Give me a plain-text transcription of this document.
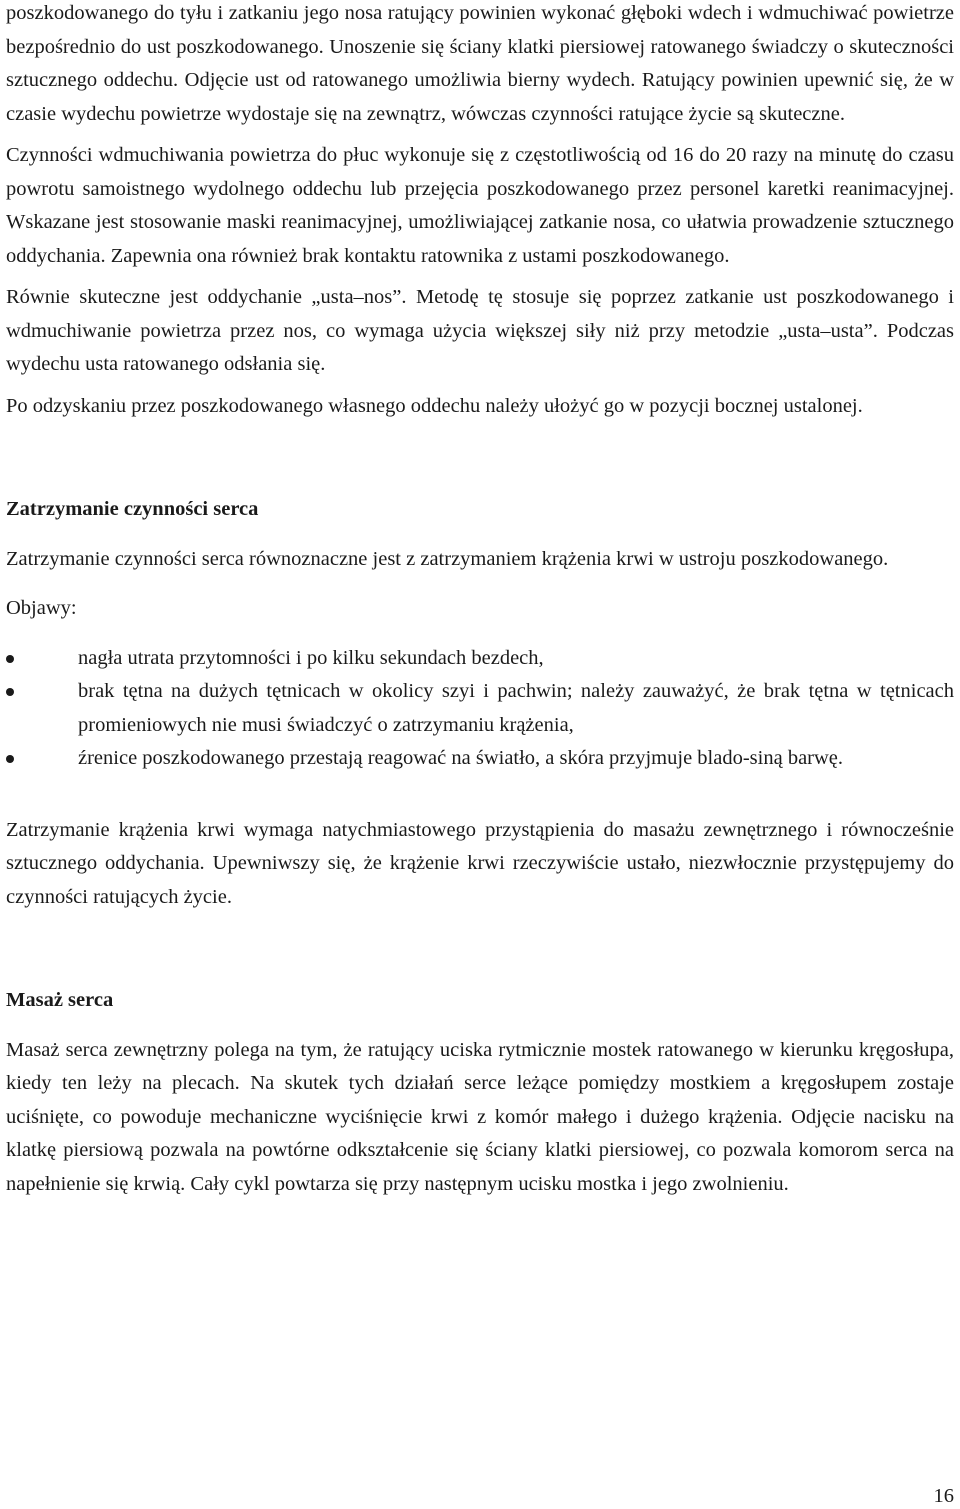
poszkodowanego do tyłu i zatkaniu jego nosa ratujący powinien wykonać głęboki wdech i wdmuchiwać powietrze bezpośrednio do ust poszkodowanego. Unoszenie się ściany klatki piersiowej ratowanego świadczy o skuteczności sztucznego oddechu. Odjęcie ust od ratowanego umożliwia bierny wydech. Ratujący powinien upewnić się, że w czasie wydechu powietrze wydostaje się na zewnątrz, wówczas czynności ratujące życie są skuteczne.

Czynności wdmuchiwania powietrza do płuc wykonuje się z częstotliwością od 16 do 20 razy na minutę do czasu powrotu samoistnego wydolnego oddechu lub przejęcia poszkodowanego przez personel karetki reanimacyjnej. Wskazane jest stosowanie maski reanimacyjnej, umożliwiającej zatkanie nosa, co ułatwia prowadzenie sztucznego oddychania. Zapewnia ona również brak kontaktu ratownika z ustami poszkodowanego.

Równie skuteczne jest oddychanie „usta–nos”. Metodę tę stosuje się poprzez zatkanie ust poszkodowanego i wdmuchiwanie powietrza przez nos, co wymaga użycia większej siły niż przy metodzie „usta–usta”. Podczas wydechu usta ratowanego odsłania się.

Po odzyskaniu przez poszkodowanego własnego oddechu należy ułożyć go w pozycji bocznej ustalonej.

Zatrzymanie czynności serca

Zatrzymanie czynności serca równoznaczne jest z zatrzymaniem krążenia krwi w ustroju poszkodowanego.

Objawy:

nagła utrata przytomności i po kilku sekundach bezdech,
brak tętna na dużych tętnicach w okolicy szyi i pachwin; należy zauważyć, że brak tętna w tętnicach promieniowych nie musi świadczyć o zatrzymaniu krążenia,
źrenice poszkodowanego przestają reagować na światło, a skóra przyjmuje blado-siną barwę.

Zatrzymanie krążenia krwi wymaga natychmiastowego przystąpienia do masażu zewnętrznego i równocześnie sztucznego oddychania. Upewniwszy się, że krążenie krwi rzeczywiście ustało, niezwłocznie przystępujemy do czynności ratujących życie.

Masaż serca

Masaż serca zewnętrzny polega na tym, że ratujący uciska rytmicznie mostek ratowanego w kierunku kręgosłupa, kiedy ten leży na plecach. Na skutek tych działań serce leżące pomiędzy mostkiem a kręgosłupem zostaje uciśnięte, co powoduje mechaniczne wyciśnięcie krwi z komór małego i dużego krążenia. Odjęcie nacisku na klatkę piersiową pozwala na powtórne odkształcenie się ściany klatki piersiowej, co pozwala komorom serca na napełnienie się krwią. Cały cykl powtarza się przy następnym ucisku mostka i jego zwolnieniu.

16
